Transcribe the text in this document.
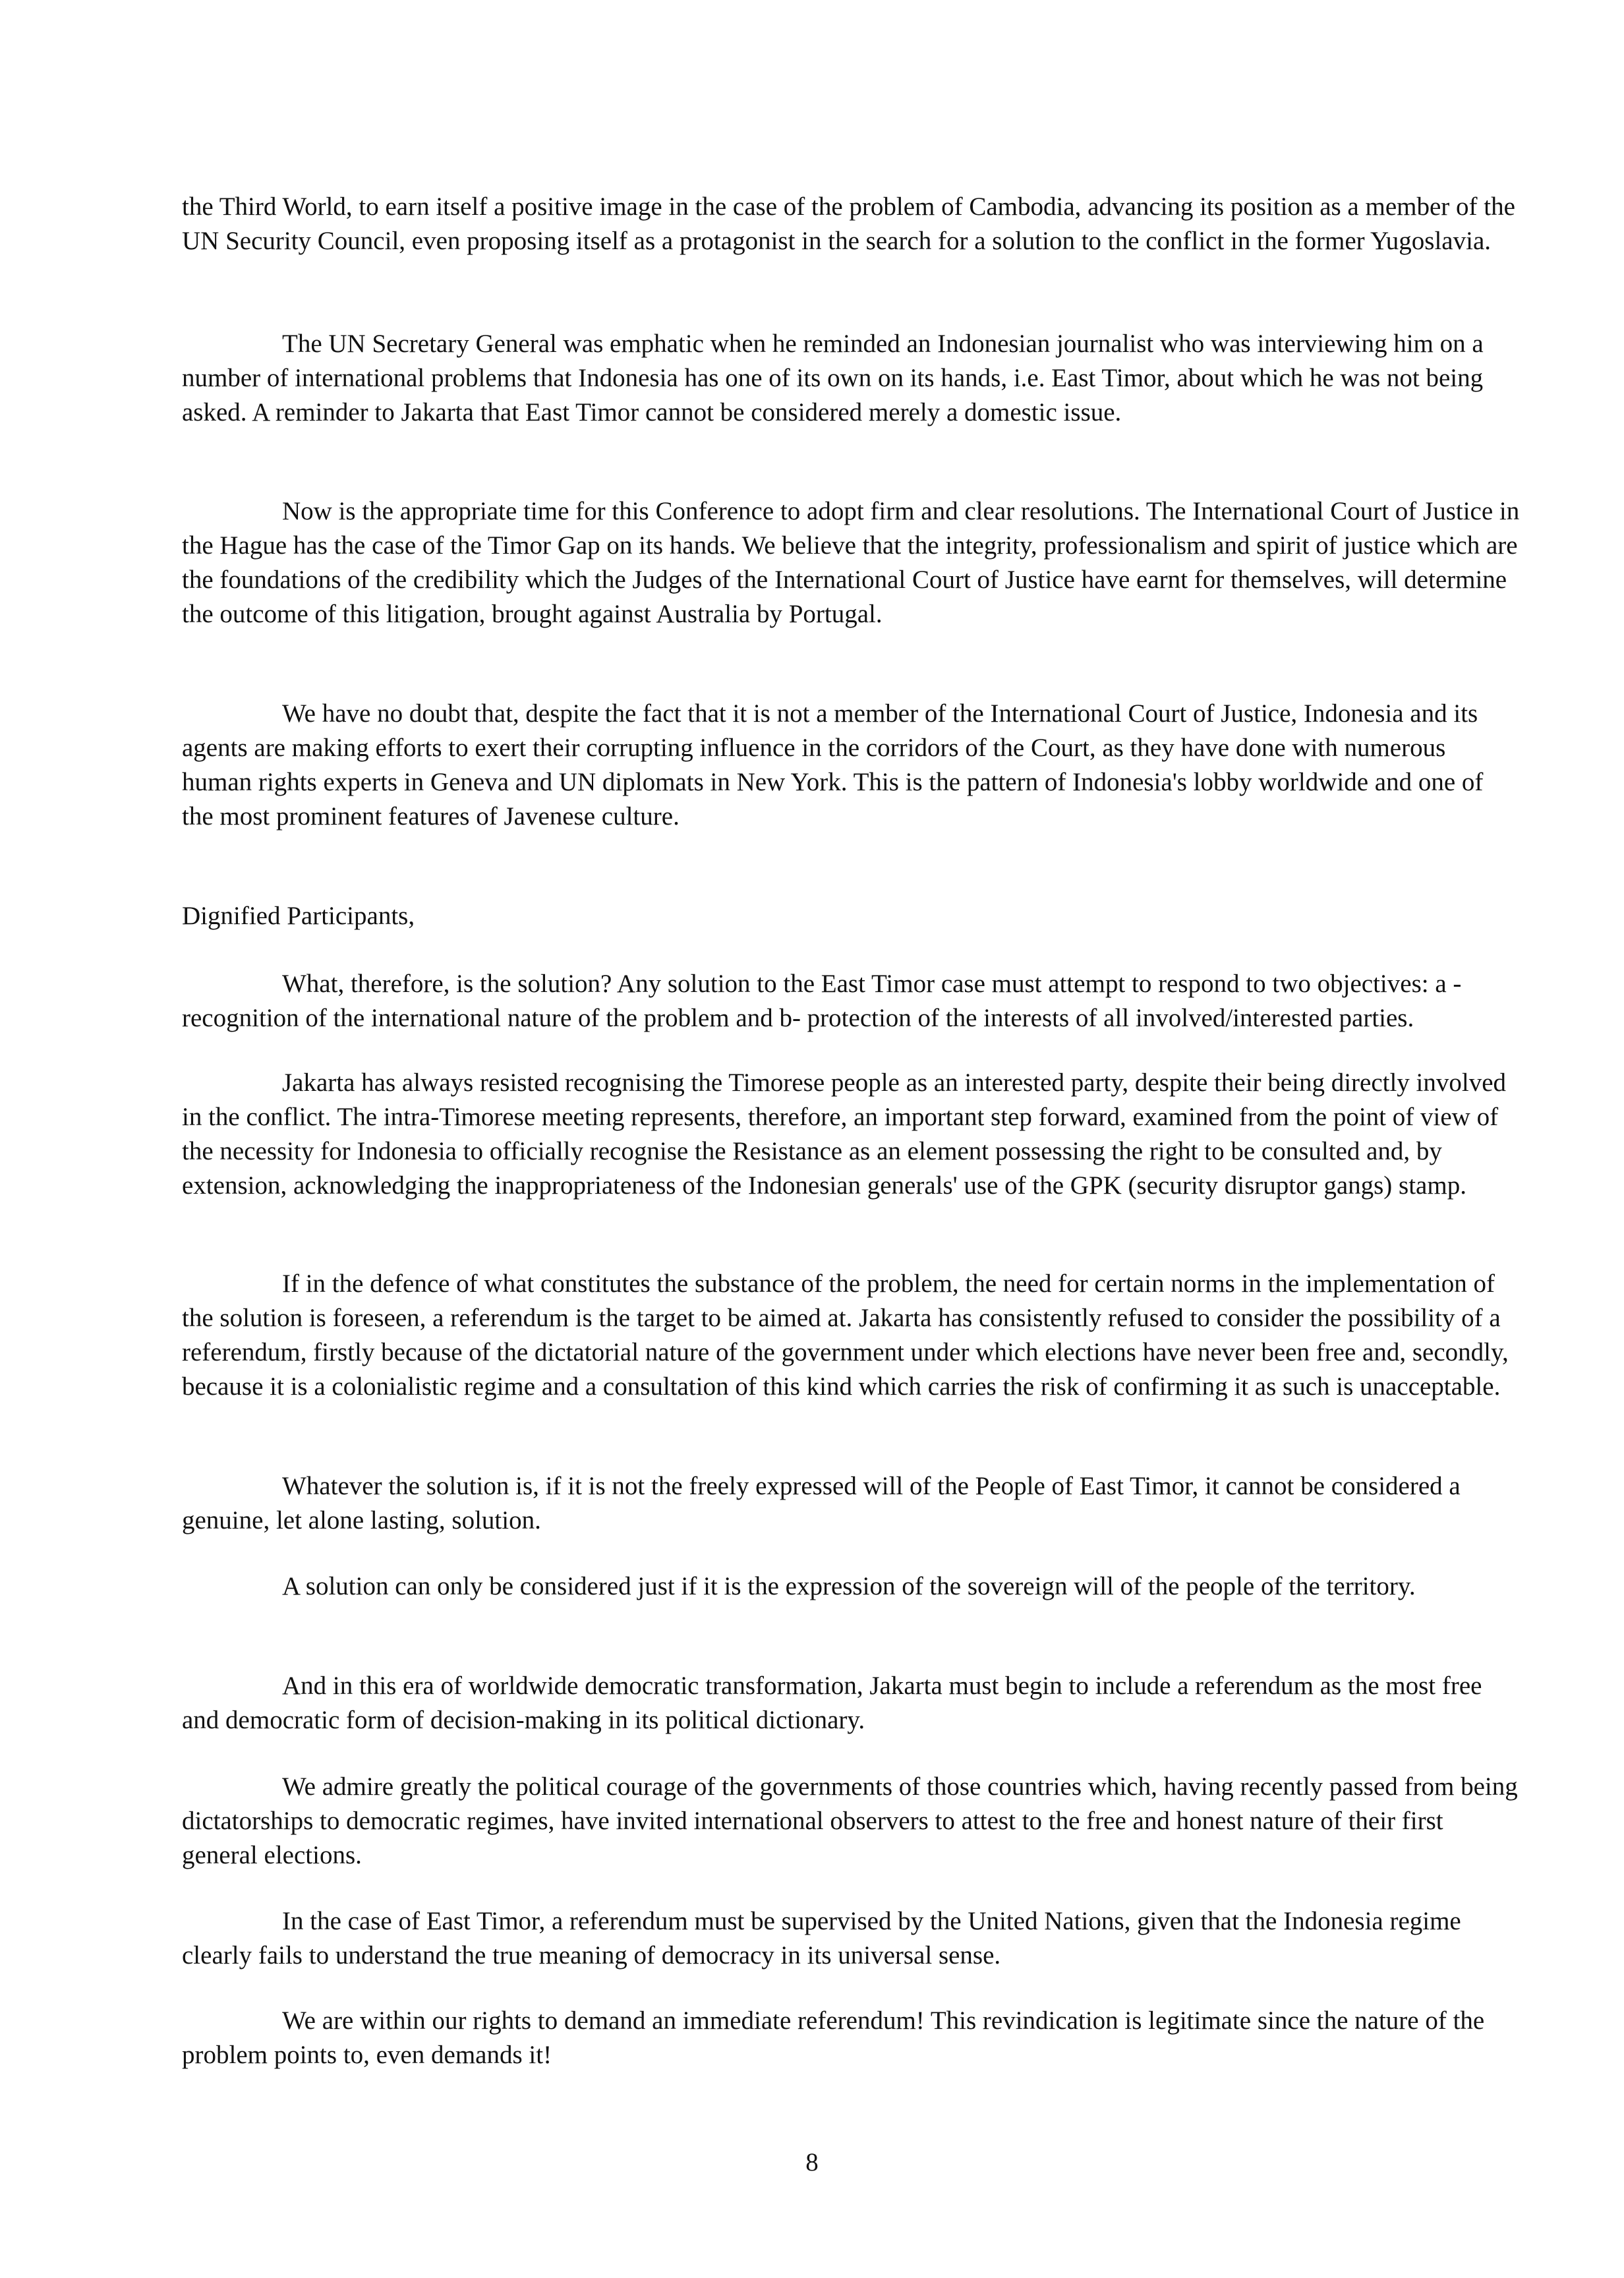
the Third World, to earn itself a positive image in the case of the problem of Cambodia, advancing its position as a member of the UN Security Council, even proposing itself as a protagonist in the search for a solution to the conflict in the former Yugoslavia.

The UN Secretary General was emphatic when he reminded an Indonesian journalist who was interviewing him on a number of international problems that Indonesia has one of its own on its hands, i.e. East Timor, about which he was not being asked. A reminder to Jakarta that East Timor cannot be considered merely a domestic issue.

Now is the appropriate time for this Conference to adopt firm and clear resolutions. The International Court of Justice in the Hague has the case of the Timor Gap on its hands. We believe that the integrity, professionalism and spirit of justice which are the foundations of the credibility which the Judges of the International Court of Justice have earnt for themselves, will determine the outcome of this litigation, brought against Australia by Portugal.

We have no doubt that, despite the fact that it is not a member of the International Court of Justice, Indonesia and its agents are making efforts to exert their corrupting influence in the corridors of the Court, as they have done with numerous human rights experts in Geneva and UN diplomats in New York. This is the pattern of Indonesia's lobby worldwide and one of the most prominent features of Javenese culture.

Dignified Participants,

What, therefore, is the solution? Any solution to the East Timor case must attempt to respond to two objectives: a - recognition of the international nature of the problem and b- protection of the interests of all involved/interested parties.

Jakarta has always resisted recognising the Timorese people as an interested party, despite their being directly involved in the conflict. The intra-Timorese meeting represents, therefore, an important step forward, examined from the point of view of the necessity for Indonesia to officially recognise the Resistance as an element possessing the right to be consulted and, by extension, acknowledging the inappropriateness of the Indonesian generals' use of the GPK (security disruptor gangs) stamp.

If in the defence of what constitutes the substance of the problem, the need for certain norms in the implementation of the solution is foreseen, a referendum is the target to be aimed at. Jakarta has consistently refused to consider the possibility of a referendum, firstly because of the dictatorial nature of the government under which elections have never been free and, secondly, because it is a colonialistic regime and a consultation of this kind which carries the risk of confirming it as such is unacceptable.

Whatever the solution is, if it is not the freely expressed will of the People of East Timor, it cannot be considered a genuine, let alone lasting, solution.

A solution can only be considered just if it is the expression of the sovereign will of the people of the territory.

And in this era of worldwide democratic transformation, Jakarta must begin to include a referendum as the most free and democratic form of decision-making in its political dictionary.

We admire greatly the political courage of the governments of those countries which, having recently passed from being dictatorships to democratic regimes, have invited international observers to attest to the free and honest nature of their first general elections.

In the case of East Timor, a referendum must be supervised by the United Nations, given that the Indonesia regime clearly fails to understand the true meaning of democracy in its universal sense.

We are within our rights to demand an immediate referendum! This revindication is legitimate since the nature of the problem points to, even demands it!

8
